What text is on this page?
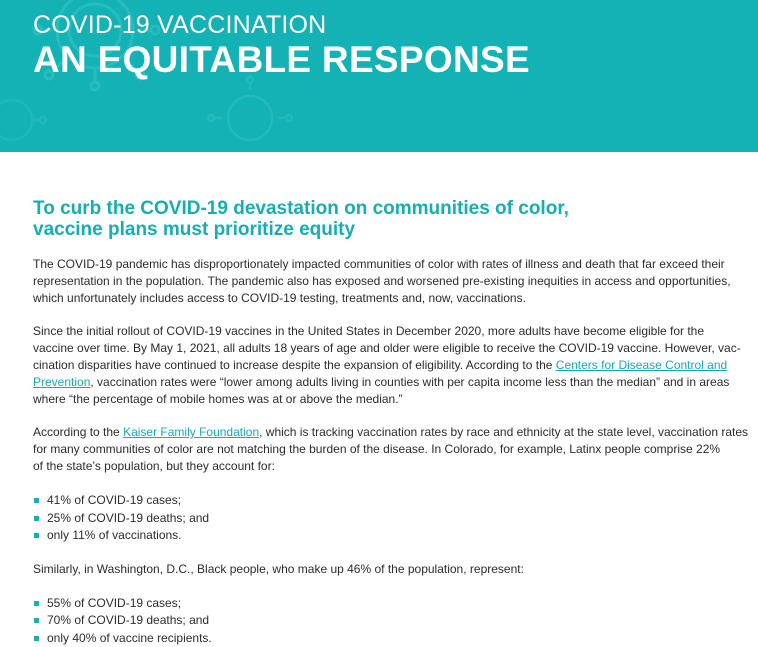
COVID-19 VACCINATION
AN EQUITABLE RESPONSE
To curb the COVID-19 devastation on communities of color,
vaccine plans must prioritize equity

The COVID-19 pandemic has disproportionately impacted communities of color with rates of illness and death that far exceed their
representation in the population. The pandemic also has exposed and worsened pre-existing inequities in access and opportunities,
which unfortunately includes access to COVID-19 testing, treatments and, now, vaccinations.

Since the initial rollout of COVID-19 vaccines in the United States in December 2020, more adults have become eligible for the
vaccine over time. By May 1, 2021, all adults 18 years of age and older were eligible to receive the COVID-19 vaccine. However, vac-
cination disparities have continued to increase despite the expansion of eligibility. According to the Centers for Disease Control and
Prevention, vaccination rates were “lower among adults living in counties with per capita income less than the median” and in areas
where “the percentage of mobile homes was at or above the median.”

According to the Kaiser Family Foundation, which is tracking vaccination rates by race and ethnicity at the state level, vaccination rates
for many communities of color are not matching the burden of the disease. In Colorado, for example, Latinx people comprise 22%
of the state’s population, but they account for:

41% of COVID-19 cases;
25% of COVID-19 deaths; and
only 11% of vaccinations.

Similarly, in Washington, D.C., Black people, who make up 46% of the population, represent:

55% of COVID-19 cases;
70% of COVID-19 deaths; and
only 40% of vaccine recipients.
